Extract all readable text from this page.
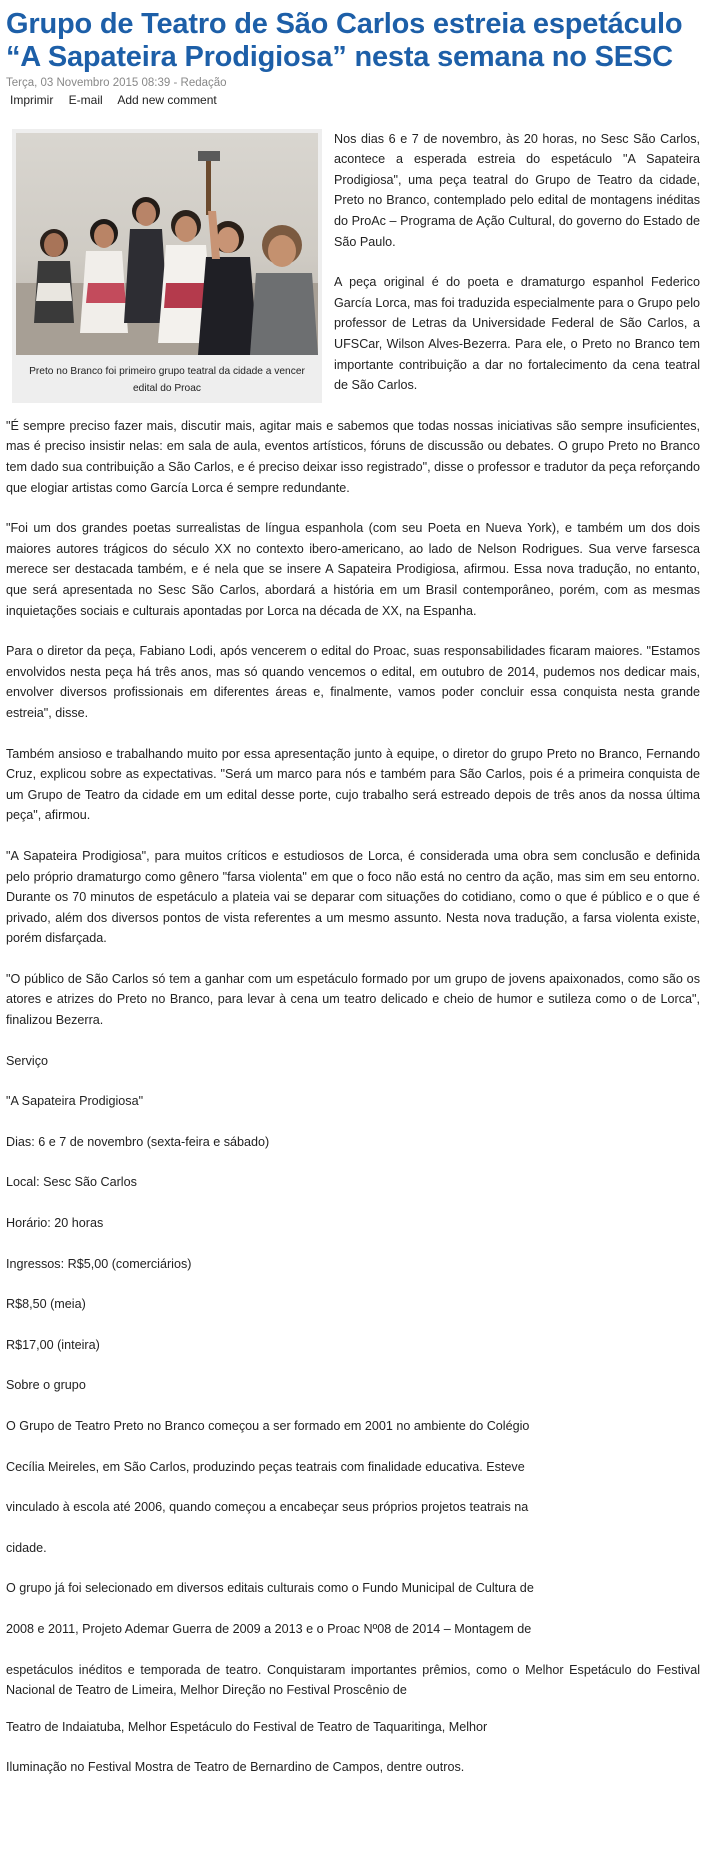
Grupo de Teatro de São Carlos estreia espetáculo “A Sapateira Prodigiosa” nesta semana no SESC
Terça, 03 Novembro 2015 08:39 - Redação
Imprimir E-mail Add new comment
Preto no Branco foi primeiro grupo teatral da cidade a vencer edital do Proac

Nos dias 6 e 7 de novembro, às 20 horas, no Sesc São Carlos, acontece a esperada estreia do espetáculo "A Sapateira Prodigiosa", uma peça teatral do Grupo de Teatro da cidade, Preto no Branco, contemplado pelo edital de montagens inéditas do ProAc – Programa de Ação Cultural, do governo do Estado de São Paulo.

A peça original é do poeta e dramaturgo espanhol Federico García Lorca, mas foi traduzida especialmente para o Grupo pelo professor de Letras da Universidade Federal de São Carlos, a UFSCar, Wilson Alves-Bezerra. Para ele, o Preto no Branco tem importante contribuição a dar no fortalecimento da cena teatral de São Carlos.

"É sempre preciso fazer mais, discutir mais, agitar mais e sabemos que todas nossas iniciativas são sempre insuficientes, mas é preciso insistir nelas: em sala de aula, eventos artísticos, fóruns de discussão ou debates. O grupo Preto no Branco tem dado sua contribuição a São Carlos, e é preciso deixar isso registrado", disse o professor e tradutor da peça reforçando que elogiar artistas como García Lorca é sempre redundante.

"Foi um dos grandes poetas surrealistas de língua espanhola (com seu Poeta en Nueva York), e também um dos dois maiores autores trágicos do século XX no contexto ibero-americano, ao lado de Nelson Rodrigues. Sua verve farsesca merece ser destacada também, e é nela que se insere A Sapateira Prodigiosa, afirmou. Essa nova tradução, no entanto, que será apresentada no Sesc São Carlos, abordará a história em um Brasil contemporâneo, porém, com as mesmas inquietações sociais e culturais apontadas por Lorca na década de XX, na Espanha.

Para o diretor da peça, Fabiano Lodi, após vencerem o edital do Proac, suas responsabilidades ficaram maiores. "Estamos envolvidos nesta peça há três anos, mas só quando vencemos o edital, em outubro de 2014, pudemos nos dedicar mais, envolver diversos profissionais em diferentes áreas e, finalmente, vamos poder concluir essa conquista nesta grande estreia", disse.

Também ansioso e trabalhando muito por essa apresentação junto à equipe, o diretor do grupo Preto no Branco, Fernando Cruz, explicou sobre as expectativas. "Será um marco para nós e também para São Carlos, pois é a primeira conquista de um Grupo de Teatro da cidade em um edital desse porte, cujo trabalho será estreado depois de três anos da nossa última peça", afirmou.

"A Sapateira Prodigiosa", para muitos críticos e estudiosos de Lorca, é considerada uma obra sem conclusão e definida pelo próprio dramaturgo como gênero "farsa violenta" em que o foco não está no centro da ação, mas sim em seu entorno. Durante os 70 minutos de espetáculo a plateia vai se deparar com situações do cotidiano, como o que é público e o que é privado, além dos diversos pontos de vista referentes a um mesmo assunto. Nesta nova tradução, a farsa violenta existe, porém disfarçada.

"O público de São Carlos só tem a ganhar com um espetáculo formado por um grupo de jovens apaixonados, como são os atores e atrizes do Preto no Branco, para levar à cena um teatro delicado e cheio de humor e sutileza como o de Lorca", finalizou Bezerra.

Serviço

"A Sapateira Prodigiosa"

Dias: 6 e 7 de novembro (sexta-feira e sábado)

Local: Sesc São Carlos

Horário: 20 horas

Ingressos: R$5,00 (comerciários)

R$8,50 (meia)

R$17,00 (inteira)

Sobre o grupo

O Grupo de Teatro Preto no Branco começou a ser formado em 2001 no ambiente do Colégio

Cecília Meireles, em São Carlos, produzindo peças teatrais com finalidade educativa. Esteve

vinculado à escola até 2006, quando começou a encabeçar seus próprios projetos teatrais na

cidade.

O grupo já foi selecionado em diversos editais culturais como o Fundo Municipal de Cultura de

2008 e 2011, Projeto Ademar Guerra de 2009 a 2013 e o Proac Nº08 de 2014 – Montagem de

espetáculos inéditos e temporada de teatro. Conquistaram importantes prêmios, como o Melhor Espetáculo do Festival Nacional de Teatro de Limeira, Melhor Direção no Festival Proscênio de

Teatro de Indaiatuba, Melhor Espetáculo do Festival de Teatro de Taquaritinga, Melhor

Iluminação no Festival Mostra de Teatro de Bernardino de Campos, dentre outros.
